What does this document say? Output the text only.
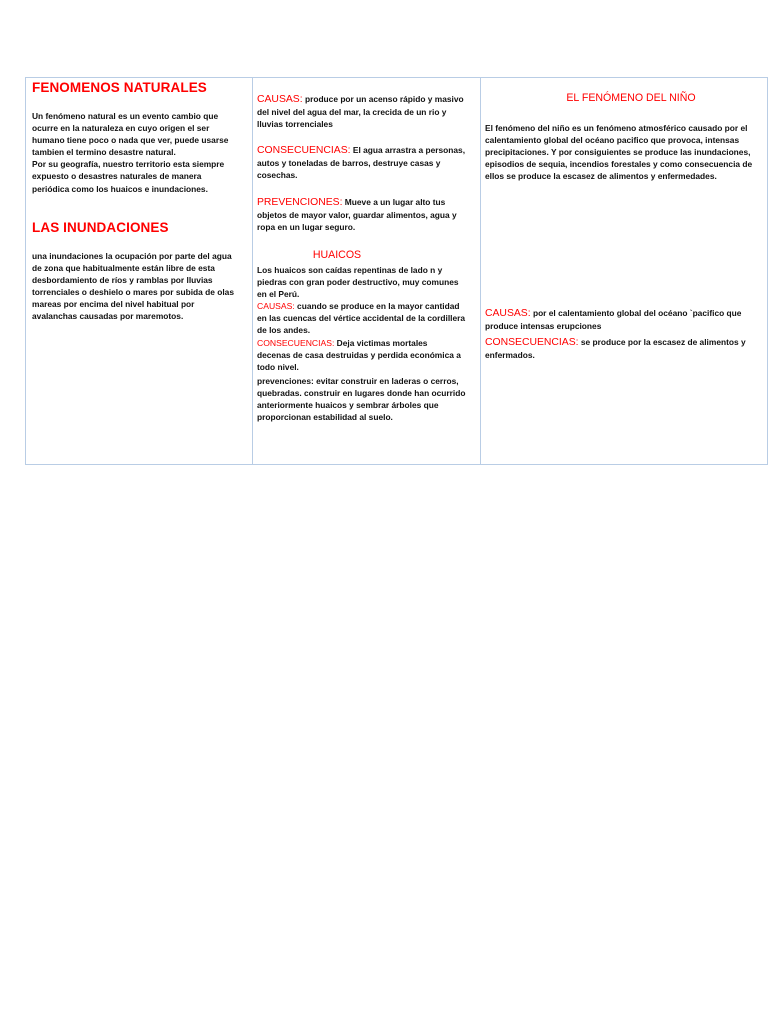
FENOMENOS NATURALES
Un fenómeno natural es un evento cambio que
ocurre en la naturaleza en cuyo origen el ser
humano tiene poco o nada que ver, puede usarse
tambien el termino desastre natural.
Por su geografía, nuestro territorio esta siempre
expuesto o desastres naturales de manera
periódica como los huaicos e inundaciones.
LAS INUNDACIONES
una inundaciones la ocupación por parte del agua
de zona que habitualmente están libre de esta
desbordamiento de ríos y ramblas por lluvias
torrenciales o deshielo o mares por subida de olas
mareas por encima del nivel habitual por
avalanchas causadas por maremotos.
CAUSAS: produce por un acenso rápido y masivo
del nivel del agua del mar, la crecida de un rio y
lluvias torrenciales
CONSECUENCIAS: El agua arrastra a personas,
autos y toneladas de barros, destruye casas y
cosechas.
PREVENCIONES: Mueve a un lugar alto tus
objetos de mayor valor, guardar alimentos, agua y
ropa en un lugar seguro.
HUAICOS
Los huaicos son caídas repentinas de lado n y
piedras con gran poder destructivo, muy comunes
en el Perú.
CAUSAS: cuando se produce en la mayor cantidad
en las cuencas del vértice accidental de la cordillera
de los andes.
CONSECUENCIAS: Deja victimas mortales
decenas de casa destruidas y perdida económica a
todo nivel.
prevenciones: evitar construir en laderas o cerros,
quebradas. construir en lugares donde han ocurrido
anteriormente huaicos y sembrar árboles que
proporcionan estabilidad al suelo.
EL FENÓMENO DEL NIÑO
El fenómeno del niño es un fenómeno atmosférico causado por el
calentamiento global del océano pacifico que provoca, intensas
precipitaciones. Y por consiguientes se produce las inundaciones,
episodios de sequia, incendios forestales y como consecuencia de
ellos se produce la escasez de alimentos y enfermedades.
CAUSAS: por el calentamiento global del océano `pacifico que
produce intensas erupciones
CONSECUENCIAS: se produce por la escasez de alimentos y
enfermados.
